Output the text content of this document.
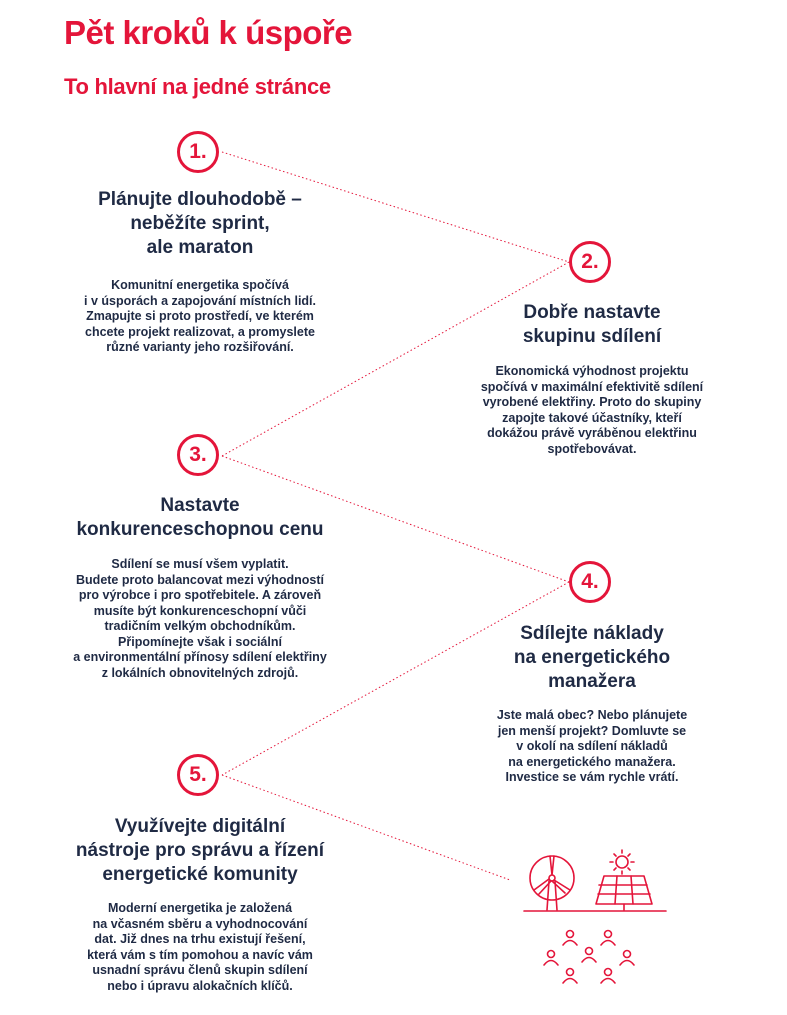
Pět kroků k úspoře
To hlavní na jedné stránce
1.
Plánujte dlouhodobě –
neběžíte sprint,
ale maraton
Komunitní energetika spočívá
i v úsporách a zapojování místních lidí.
Zmapujte si proto prostředí, ve kterém
chcete projekt realizovat, a promyslete
různé varianty jeho rozšiřování.
2.
Dobře nastavte
skupinu sdílení
Ekonomická výhodnost projektu
spočívá v maximální efektivitě sdílení
vyrobené elektřiny. Proto do skupiny
zapojte takové účastníky, kteří
dokážou právě vyráběnou elektřinu
spotřebovávat.
3.
Nastavte
konkurenceschopnou cenu
Sdílení se musí všem vyplatit.
Budete proto balancovat mezi výhodností
pro výrobce i pro spotřebitele. A zároveň
musíte být konkurenceschopní vůči
tradičním velkým obchodníkům.
Připomínejte však i sociální
a environmentální přínosy sdílení elektřiny
z lokálních obnovitelných zdrojů.
4.
Sdílejte náklady
na energetického
manažera
Jste malá obec? Nebo plánujete
jen menší projekt? Domluvte se
v okolí na sdílení nákladů
na energetického manažera.
Investice se vám rychle vrátí.
5.
Využívejte digitální
nástroje pro správu a řízení
energetické komunity
Moderní energetika je založená
na včasném sběru a vyhodnocování
dat. Již dnes na trhu existují řešení,
která vám s tím pomohou a navíc vám
usnadní správu členů skupin sdílení
nebo i úpravu alokačních klíčů.
